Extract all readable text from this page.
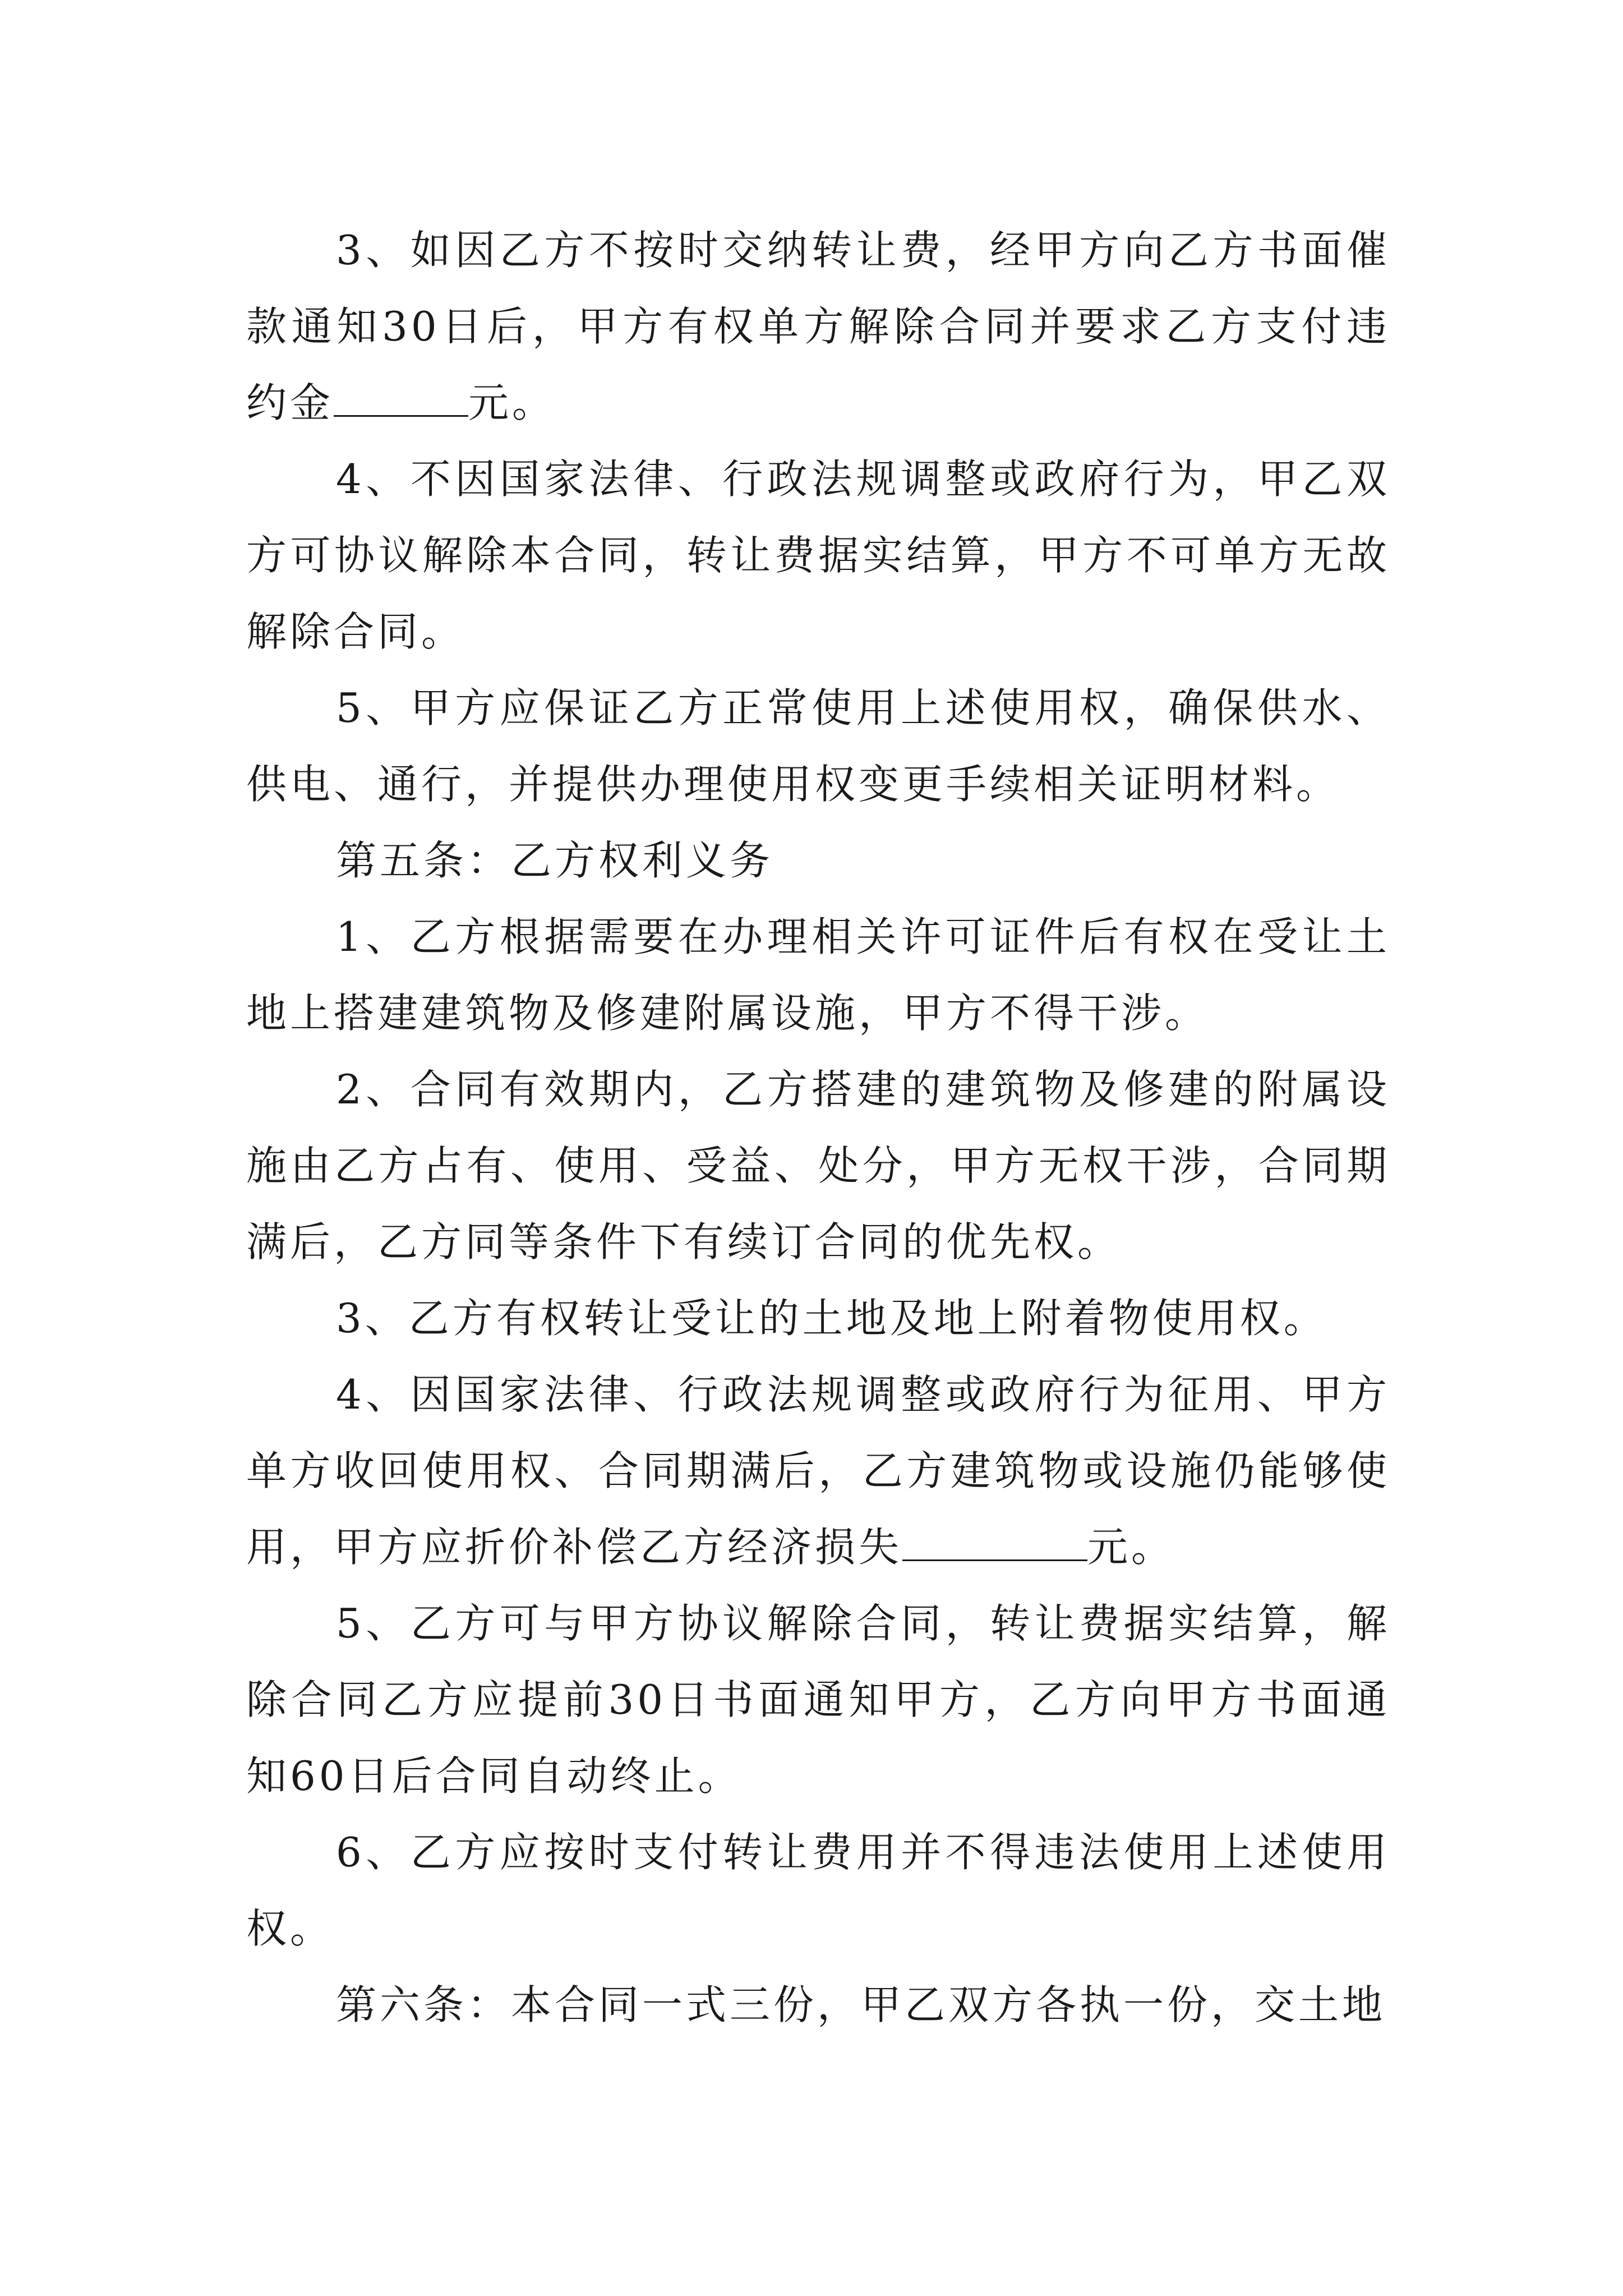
3、如因乙方不按时交纳转让费，经甲方向乙方书面催款通知30日后，甲方有权单方解除合同并要求乙方支付违约金	元。

4、不因国家法律、行政法规调整或政府行为，甲乙双方可协议解除本合同，转让费据实结算，甲方不可单方无故解除合同。

5、甲方应保证乙方正常使用上述使用权，确保供水、供电、通行，并提供办理使用权变更手续相关证明材料。

第五条：乙方权利义务

1、乙方根据需要在办理相关许可证件后有权在受让土地上搭建建筑物及修建附属设施，甲方不得干涉。

2、合同有效期内，乙方搭建的建筑物及修建的附属设施由乙方占有、使用、受益、处分，甲方无权干涉，合同期满后，乙方同等条件下有续订合同的优先权。

3、乙方有权转让受让的土地及地上附着物使用权。

4、因国家法律、行政法规调整或政府行为征用、甲方单方收回使用权、合同期满后，乙方建筑物或设施仍能够使用，甲方应折价补偿乙方经济损失	元。

5、乙方可与甲方协议解除合同，转让费据实结算，解除合同乙方应提前30日书面通知甲方，乙方向甲方书面通知60日后合同自动终止。

6、乙方应按时支付转让费用并不得违法使用上述使用权。

第六条：本合同一式三份，甲乙双方各执一份，交土地
